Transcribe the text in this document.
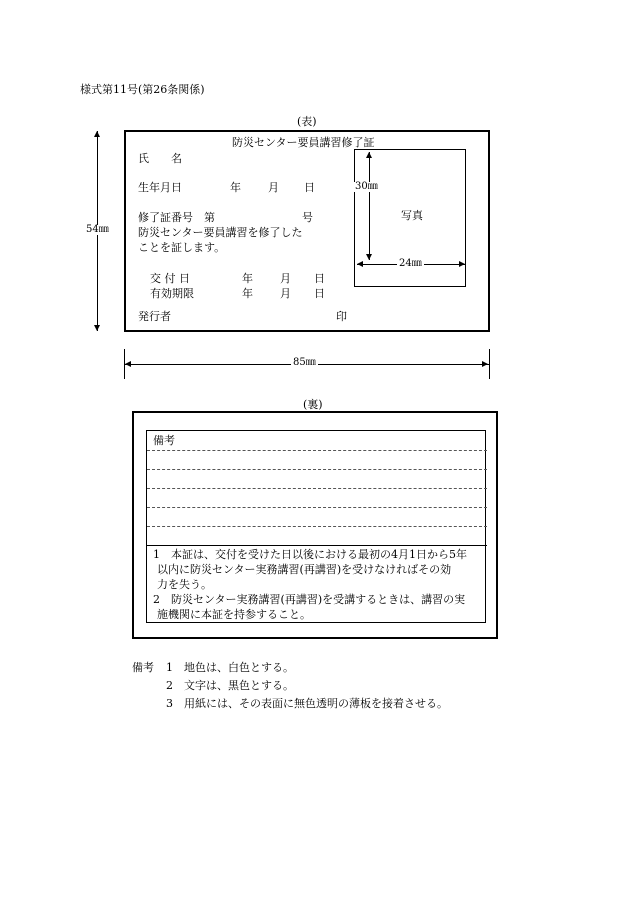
様式第11号(第26条関係)
(表)
54㎜
防災センター要員講習修了証
氏　　名
生年月日	年 月 日
修了証番号　第	号
防災センター要員講習を修了した
ことを証します。
交 付 日	年 月 日
有効期限	年 月 日
発行者	印
写真
30㎜
24㎜
85㎜
(裏)
備考
1　本証は、交付を受けた日以後における最初の4月1日から5年
以内に防災センター実務講習(再講習)を受けなければその効
力を失う。
2　防災センター実務講習(再講習)を受講するときは、講習の実
施機関に本証を持参すること。
備考 1　地色は、白色とする。
2　文字は、黒色とする。
3　用紙には、その表面に無色透明の薄板を接着させる。
